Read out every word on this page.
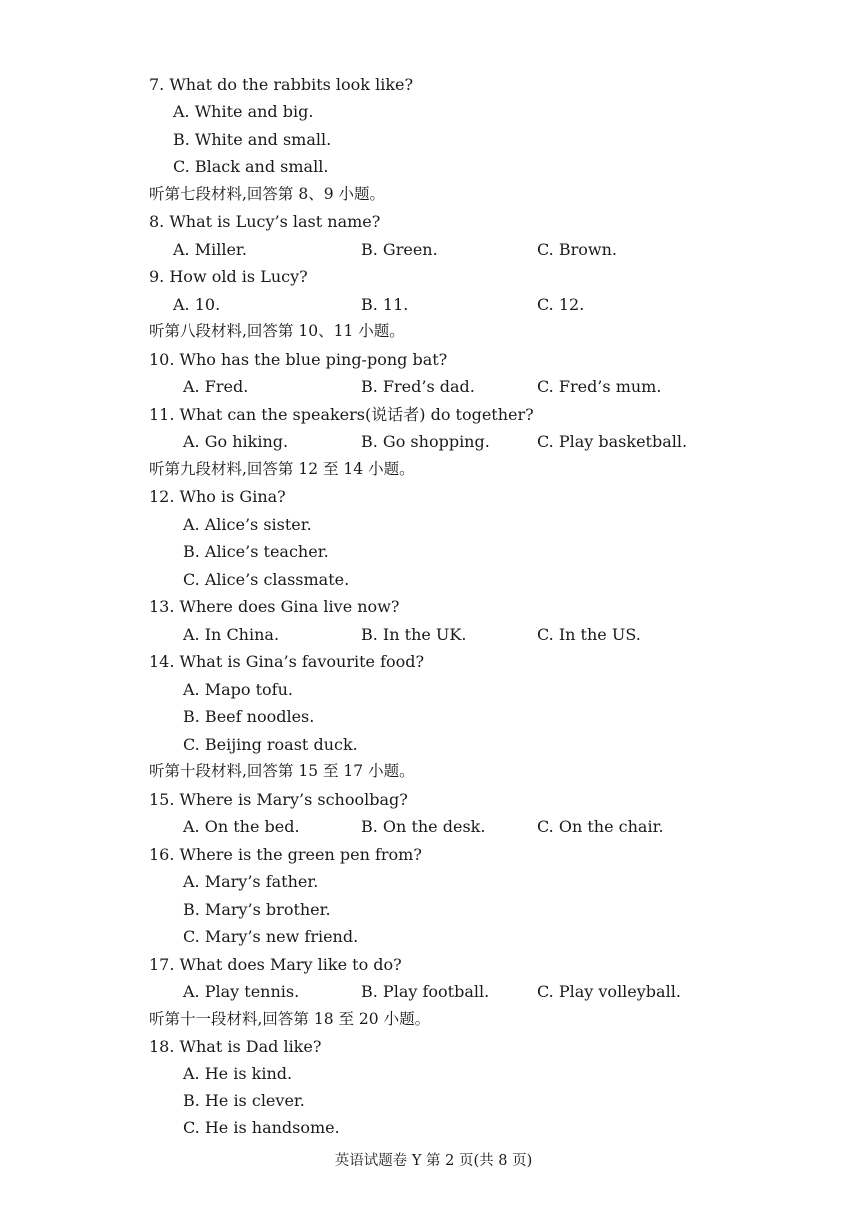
7. What do the rabbits look like?
A. White and big.
B. White and small.
C. Black and small.
听第七段材料,回答第 8、9 小题。
8. What is Lucy’s last name?
A. Miller.	B. Green.	C. Brown.
9. How old is Lucy?
A. 10.	B. 11.	C. 12.
听第八段材料,回答第 10、11 小题。
10. Who has the blue ping-pong bat?
A. Fred.	B. Fred’s dad.	C. Fred’s mum.
11. What can the speakers(说话者) do together?
A. Go hiking.	B. Go shopping.	C. Play basketball.
听第九段材料,回答第 12 至 14 小题。
12. Who is Gina?
A. Alice’s sister.
B. Alice’s teacher.
C. Alice’s classmate.
13. Where does Gina live now?
A. In China.	B. In the UK.	C. In the US.
14. What is Gina’s favourite food?
A. Mapo tofu.
B. Beef noodles.
C. Beijing roast duck.
听第十段材料,回答第 15 至 17 小题。
15. Where is Mary’s schoolbag?
A. On the bed.	B. On the desk.	C. On the chair.
16. Where is the green pen from?
A. Mary’s father.
B. Mary’s brother.
C. Mary’s new friend.
17. What does Mary like to do?
A. Play tennis.	B. Play football.	C. Play volleyball.
听第十一段材料,回答第 18 至 20 小题。
18. What is Dad like?
A. He is kind.
B. He is clever.
C. He is handsome.
英语试题卷 Y 第 2 页(共 8 页)
